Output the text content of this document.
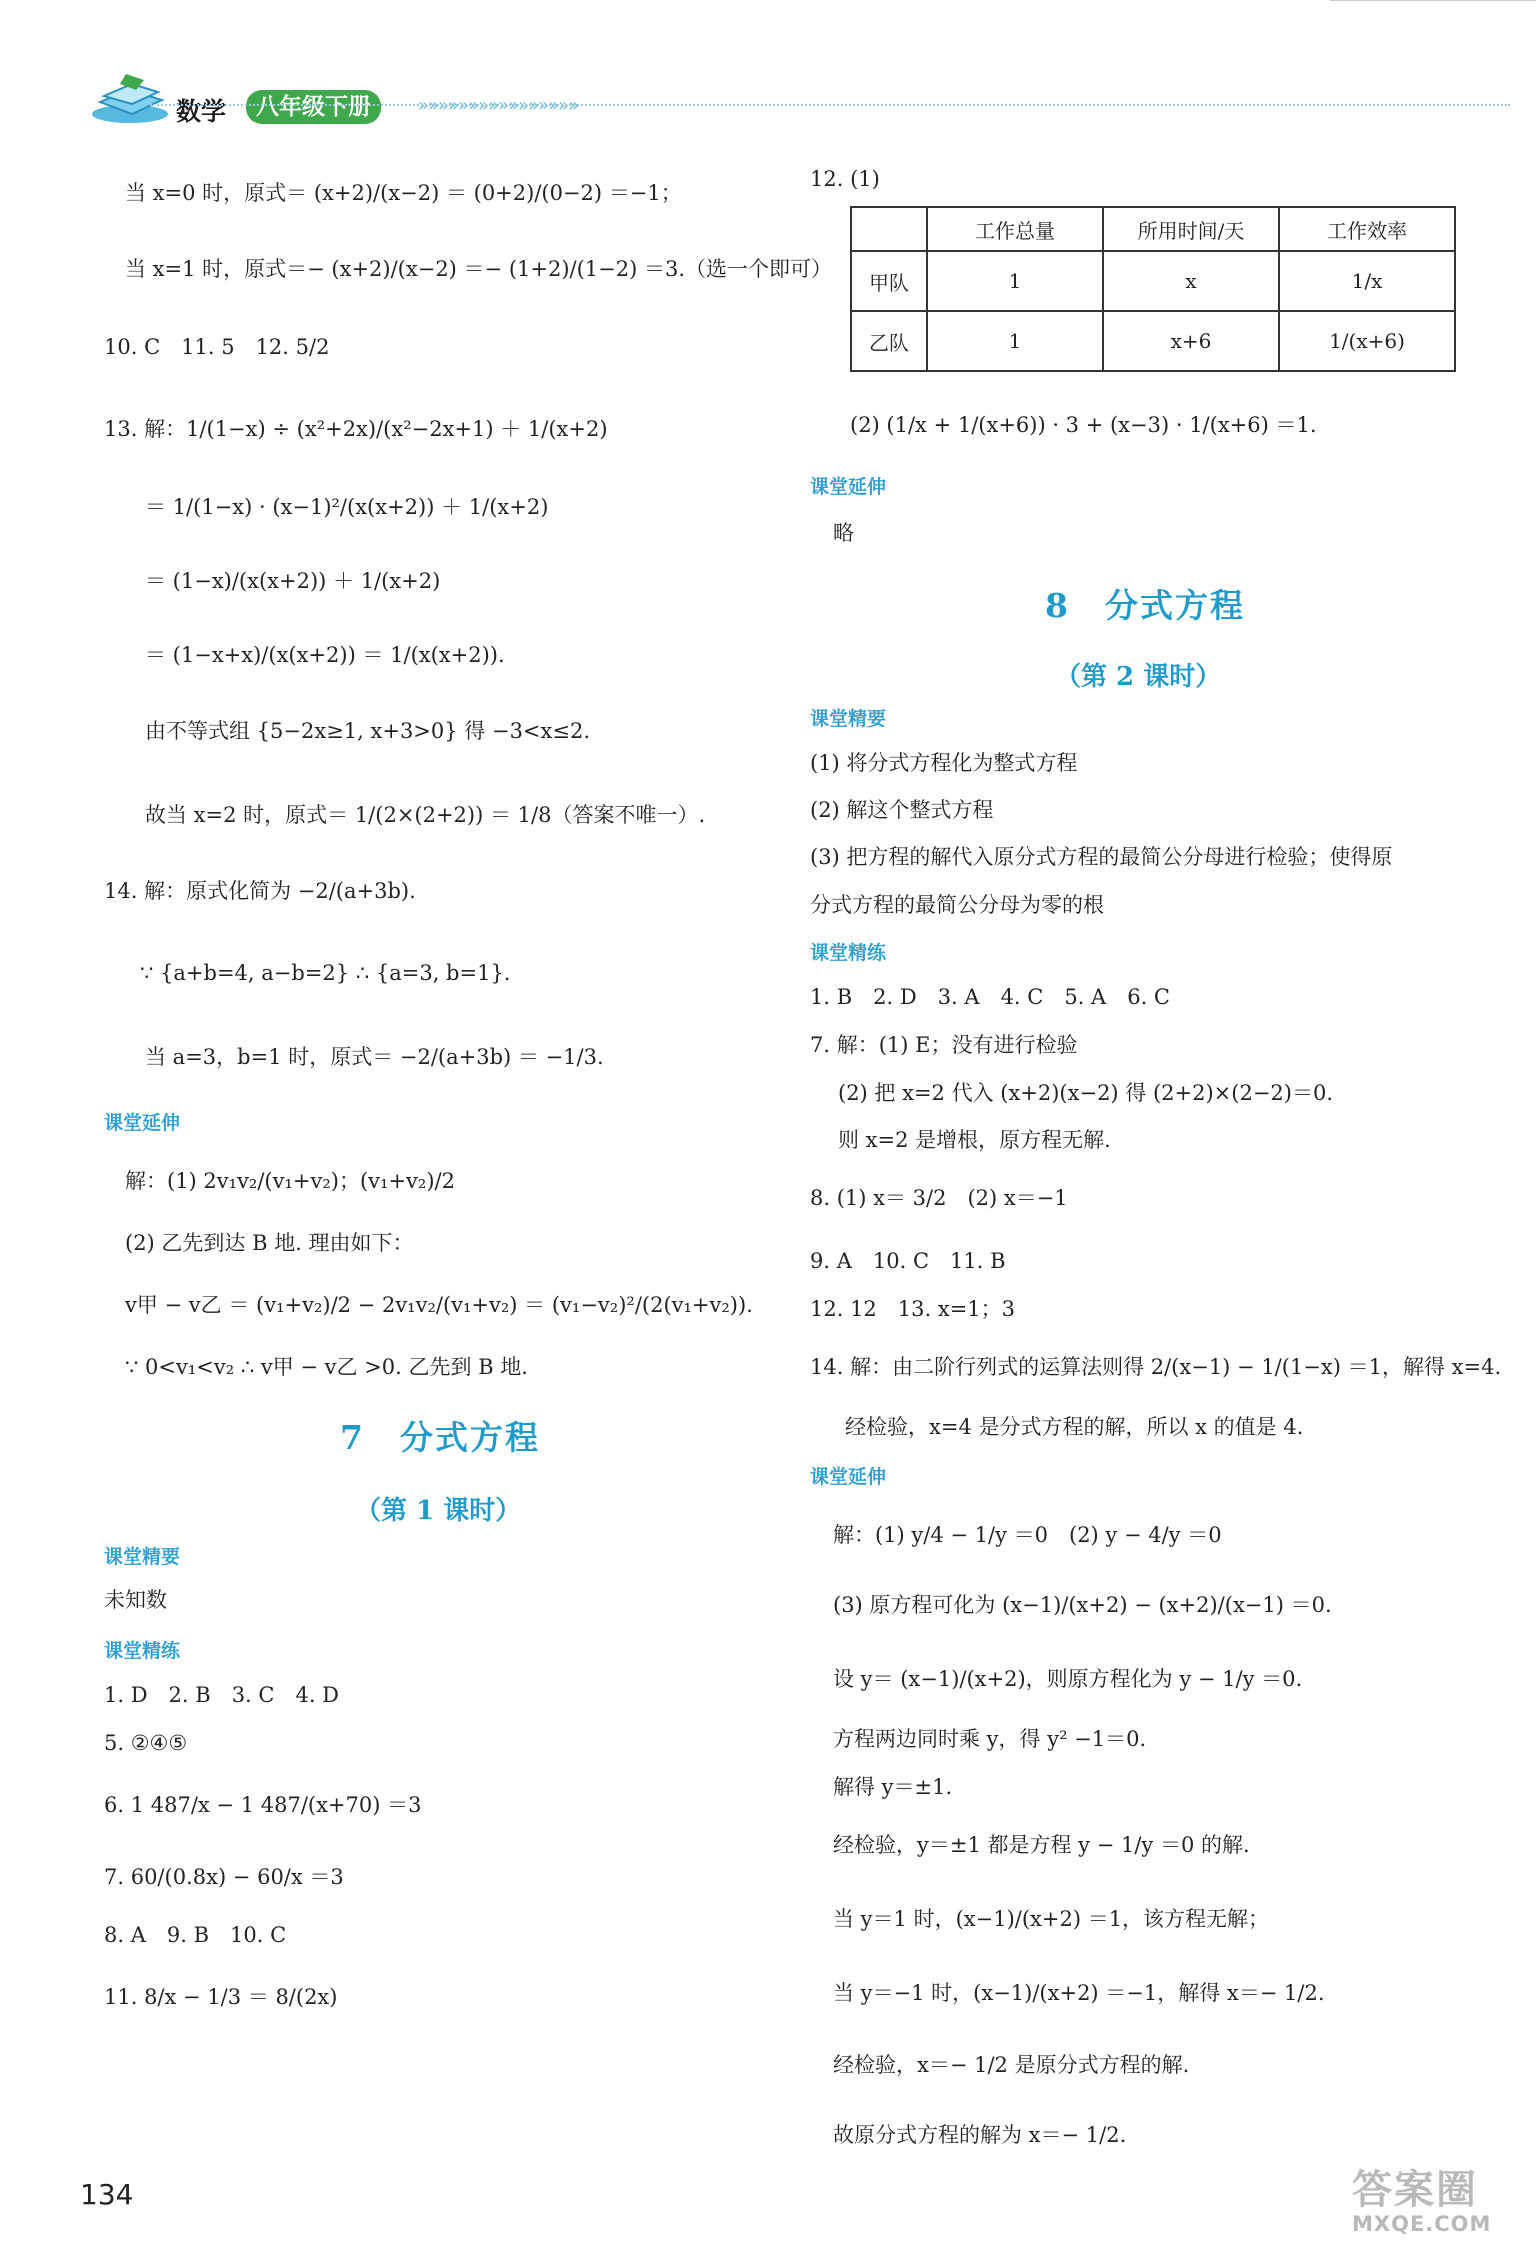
数学	八年级下册	»»»»»»»»»»»»»»»»
当 x=0 时，原式＝ (x+2)/(x−2) ＝ (0+2)/(0−2) ＝−1；
当 x=1 时，原式＝− (x+2)/(x−2) ＝− (1+2)/(1−2) ＝3.（选一个即可）
10. C　11. 5　12. 5/2
13. 解：1/(1−x) ÷ (x²+2x)/(x²−2x+1) ＋ 1/(x+2)
＝ 1/(1−x) · (x−1)²/(x(x+2)) ＋ 1/(x+2)
＝ (1−x)/(x(x+2)) ＋ 1/(x+2)
＝ (1−x+x)/(x(x+2)) ＝ 1/(x(x+2)).
由不等式组 {5−2x≥1, x+3>0} 得 −3<x≤2.
故当 x=2 时，原式＝ 1/(2×(2+2)) ＝ 1/8（答案不唯一）.
14. 解：原式化简为 −2/(a+3b).
∵ {a+b=4, a−b=2} ∴ {a=3, b=1}.
当 a=3，b=1 时，原式＝ −2/(a+3b) ＝ −1/3.
课堂延伸
解：(1) 2v₁v₂/(v₁+v₂)；(v₁+v₂)/2
(2) 乙先到达 B 地. 理由如下：
v甲 − v乙 ＝ (v₁+v₂)/2 − 2v₁v₂/(v₁+v₂) ＝ (v₁−v₂)²/(2(v₁+v₂)).
∵ 0<v₁<v₂ ∴ v甲 − v乙 >0. 乙先到 B 地.
7　分式方程
（第 1 课时）
课堂精要
未知数
课堂精练
1. D　2. B　3. C　4. D
5. ②④⑤
6. 1 487/x − 1 487/(x+70) ＝3
7. 60/(0.8x) − 60/x ＝3
8. A　9. B　10. C
11. 8/x − 1/3 ＝ 8/(2x)
12. (1)
	工作总量	所用时间/天	工作效率
甲队	1	x	1/x
乙队	1	x+6	1/(x+6)
(2) (1/x + 1/(x+6)) · 3 + (x−3) · 1/(x+6) ＝1.
课堂延伸
略
8　分式方程
（第 2 课时）
课堂精要
(1) 将分式方程化为整式方程
(2) 解这个整式方程
(3) 把方程的解代入原分式方程的最简公分母进行检验；使得原
分式方程的最简公分母为零的根
课堂精练
1. B　2. D　3. A　4. C　5. A　6. C
7. 解：(1) E；没有进行检验
(2) 把 x=2 代入 (x+2)(x−2) 得 (2+2)×(2−2)＝0.
则 x=2 是增根，原方程无解.
8. (1) x＝ 3/2　(2) x＝−1
9. A　10. C　11. B
12. 12　13. x=1；3
14. 解：由二阶行列式的运算法则得 2/(x−1) − 1/(1−x) ＝1，解得 x=4.
经检验，x=4 是分式方程的解，所以 x 的值是 4.
课堂延伸
解：(1) y/4 − 1/y ＝0　(2) y − 4/y ＝0
(3) 原方程可化为 (x−1)/(x+2) − (x+2)/(x−1) ＝0.
设 y＝ (x−1)/(x+2)，则原方程化为 y − 1/y ＝0.
方程两边同时乘 y，得 y² −1＝0.
解得 y＝±1.
经检验，y＝±1 都是方程 y − 1/y ＝0 的解.
当 y＝1 时，(x−1)/(x+2) ＝1，该方程无解；
当 y＝−1 时，(x−1)/(x+2) ＝−1，解得 x＝− 1/2.
经检验，x＝− 1/2 是原分式方程的解.
故原分式方程的解为 x＝− 1/2.
134	答案圈
MXQE.COM
